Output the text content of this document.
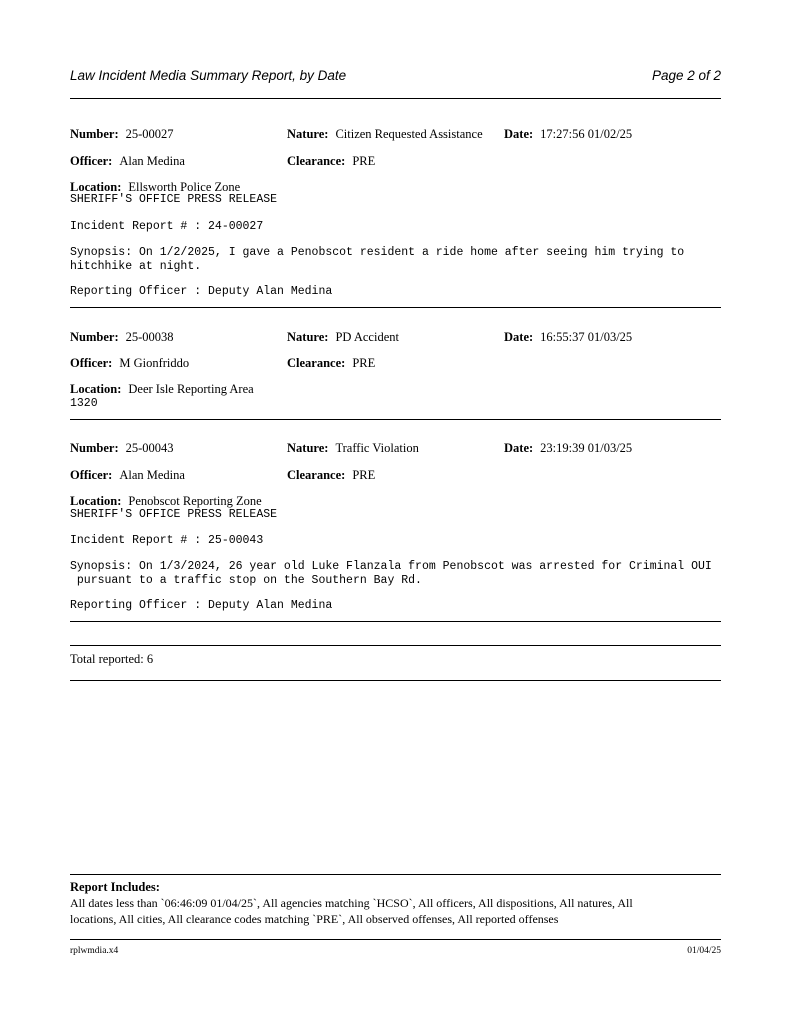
Law Incident Media Summary Report, by Date	Page 2 of 2
Number: 25-00027	Nature: Citizen Requested Assistance Date: 17:27:56 01/02/25
Officer: Alan Medina	Clearance: PRE
Location: Ellsworth Police Zone
SHERIFF'S OFFICE PRESS RELEASE
Incident Report # : 24-00027
Synopsis: On 1/2/2025, I gave a Penobscot resident a ride home after seeing him trying to
hitchhike at night.
Reporting Officer : Deputy Alan Medina
Number: 25-00038	Nature: PD Accident	Date: 16:55:37 01/03/25
Officer: M Gionfriddo	Clearance: PRE
Location: Deer Isle Reporting Area
1320
Number: 25-00043	Nature: Traffic Violation	Date: 23:19:39 01/03/25
Officer: Alan Medina	Clearance: PRE
Location: Penobscot Reporting Zone
SHERIFF'S OFFICE PRESS RELEASE
Incident Report # : 25-00043
Synopsis: On 1/3/2024, 26 year old Luke Flanzala from Penobscot was arrested for Criminal OUI
pursuant to a traffic stop on the Southern Bay Rd.
Reporting Officer : Deputy Alan Medina
Total reported: 6
Report Includes:
All dates less than `06:46:09 01/04/25`, All agencies matching `HCSO`, All officers, All dispositions, All natures, All
locations, All cities, All clearance codes matching `PRE`, All observed offenses, All reported offenses
rplwmdia.x4	01/04/25
